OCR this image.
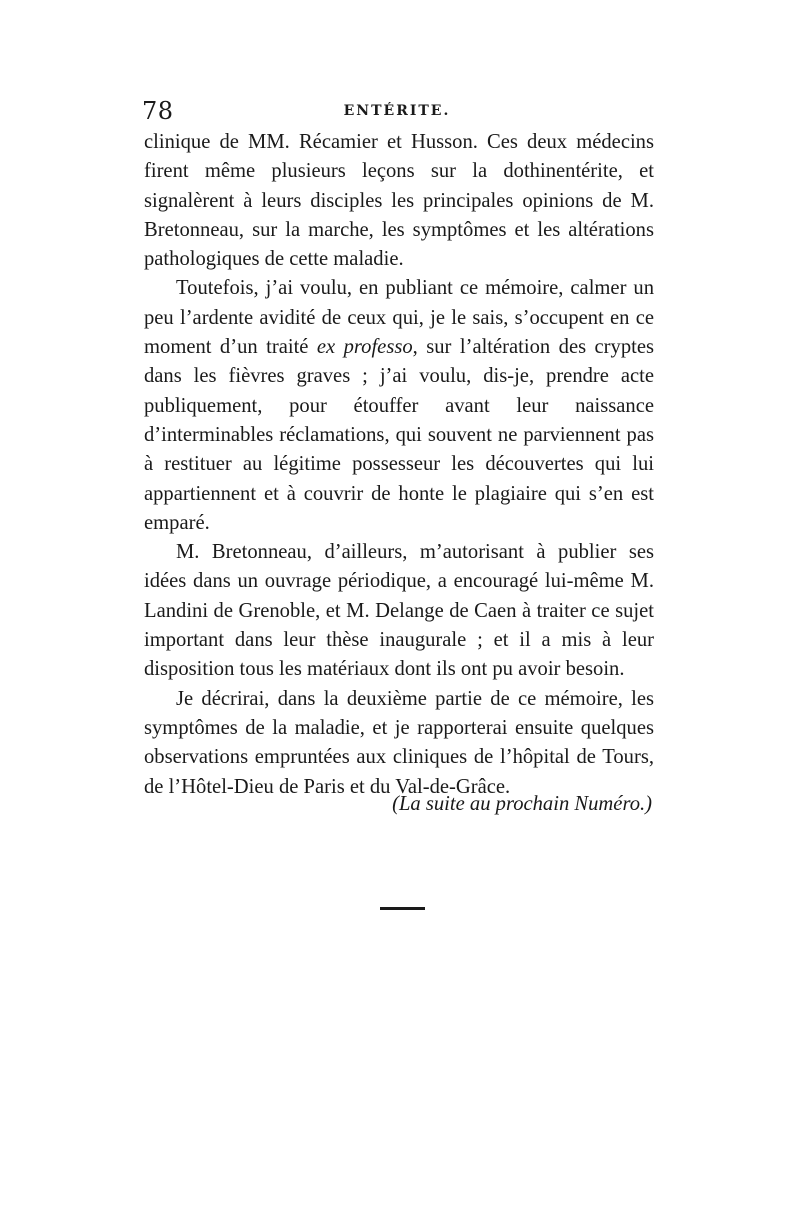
78	ENTÉRITE.

clinique de MM. Récamier et Husson. Ces deux médecins firent même plusieurs leçons sur la dothinentérite, et signalèrent à leurs disciples les principales opinions de M. Bretonneau, sur la marche, les symptômes et les altérations pathologiques de cette maladie.

Toutefois, j’ai voulu, en publiant ce mémoire, calmer un peu l’ardente avidité de ceux qui, je le sais, s’occupent en ce moment d’un traité ex professo, sur l’altération des cryptes dans les fièvres graves ; j’ai voulu, dis-je, prendre acte publiquement, pour étouffer avant leur naissance d’interminables réclamations, qui souvent ne parviennent pas à restituer au légitime possesseur les découvertes qui lui appartiennent et à couvrir de honte le plagiaire qui s’en est emparé.

M. Bretonneau, d’ailleurs, m’autorisant à publier ses idées dans un ouvrage périodique, a encouragé lui-même M. Landini de Grenoble, et M. Delange de Caen à traiter ce sujet important dans leur thèse inaugurale ; et il a mis à leur disposition tous les matériaux dont ils ont pu avoir besoin.

Je décrirai, dans la deuxième partie de ce mémoire, les symptômes de la maladie, et je rapporterai ensuite quelques observations empruntées aux cliniques de l’hôpital de Tours, de l’Hôtel-Dieu de Paris et du Val-de-Grâce.

(La suite au prochain Numéro.)
